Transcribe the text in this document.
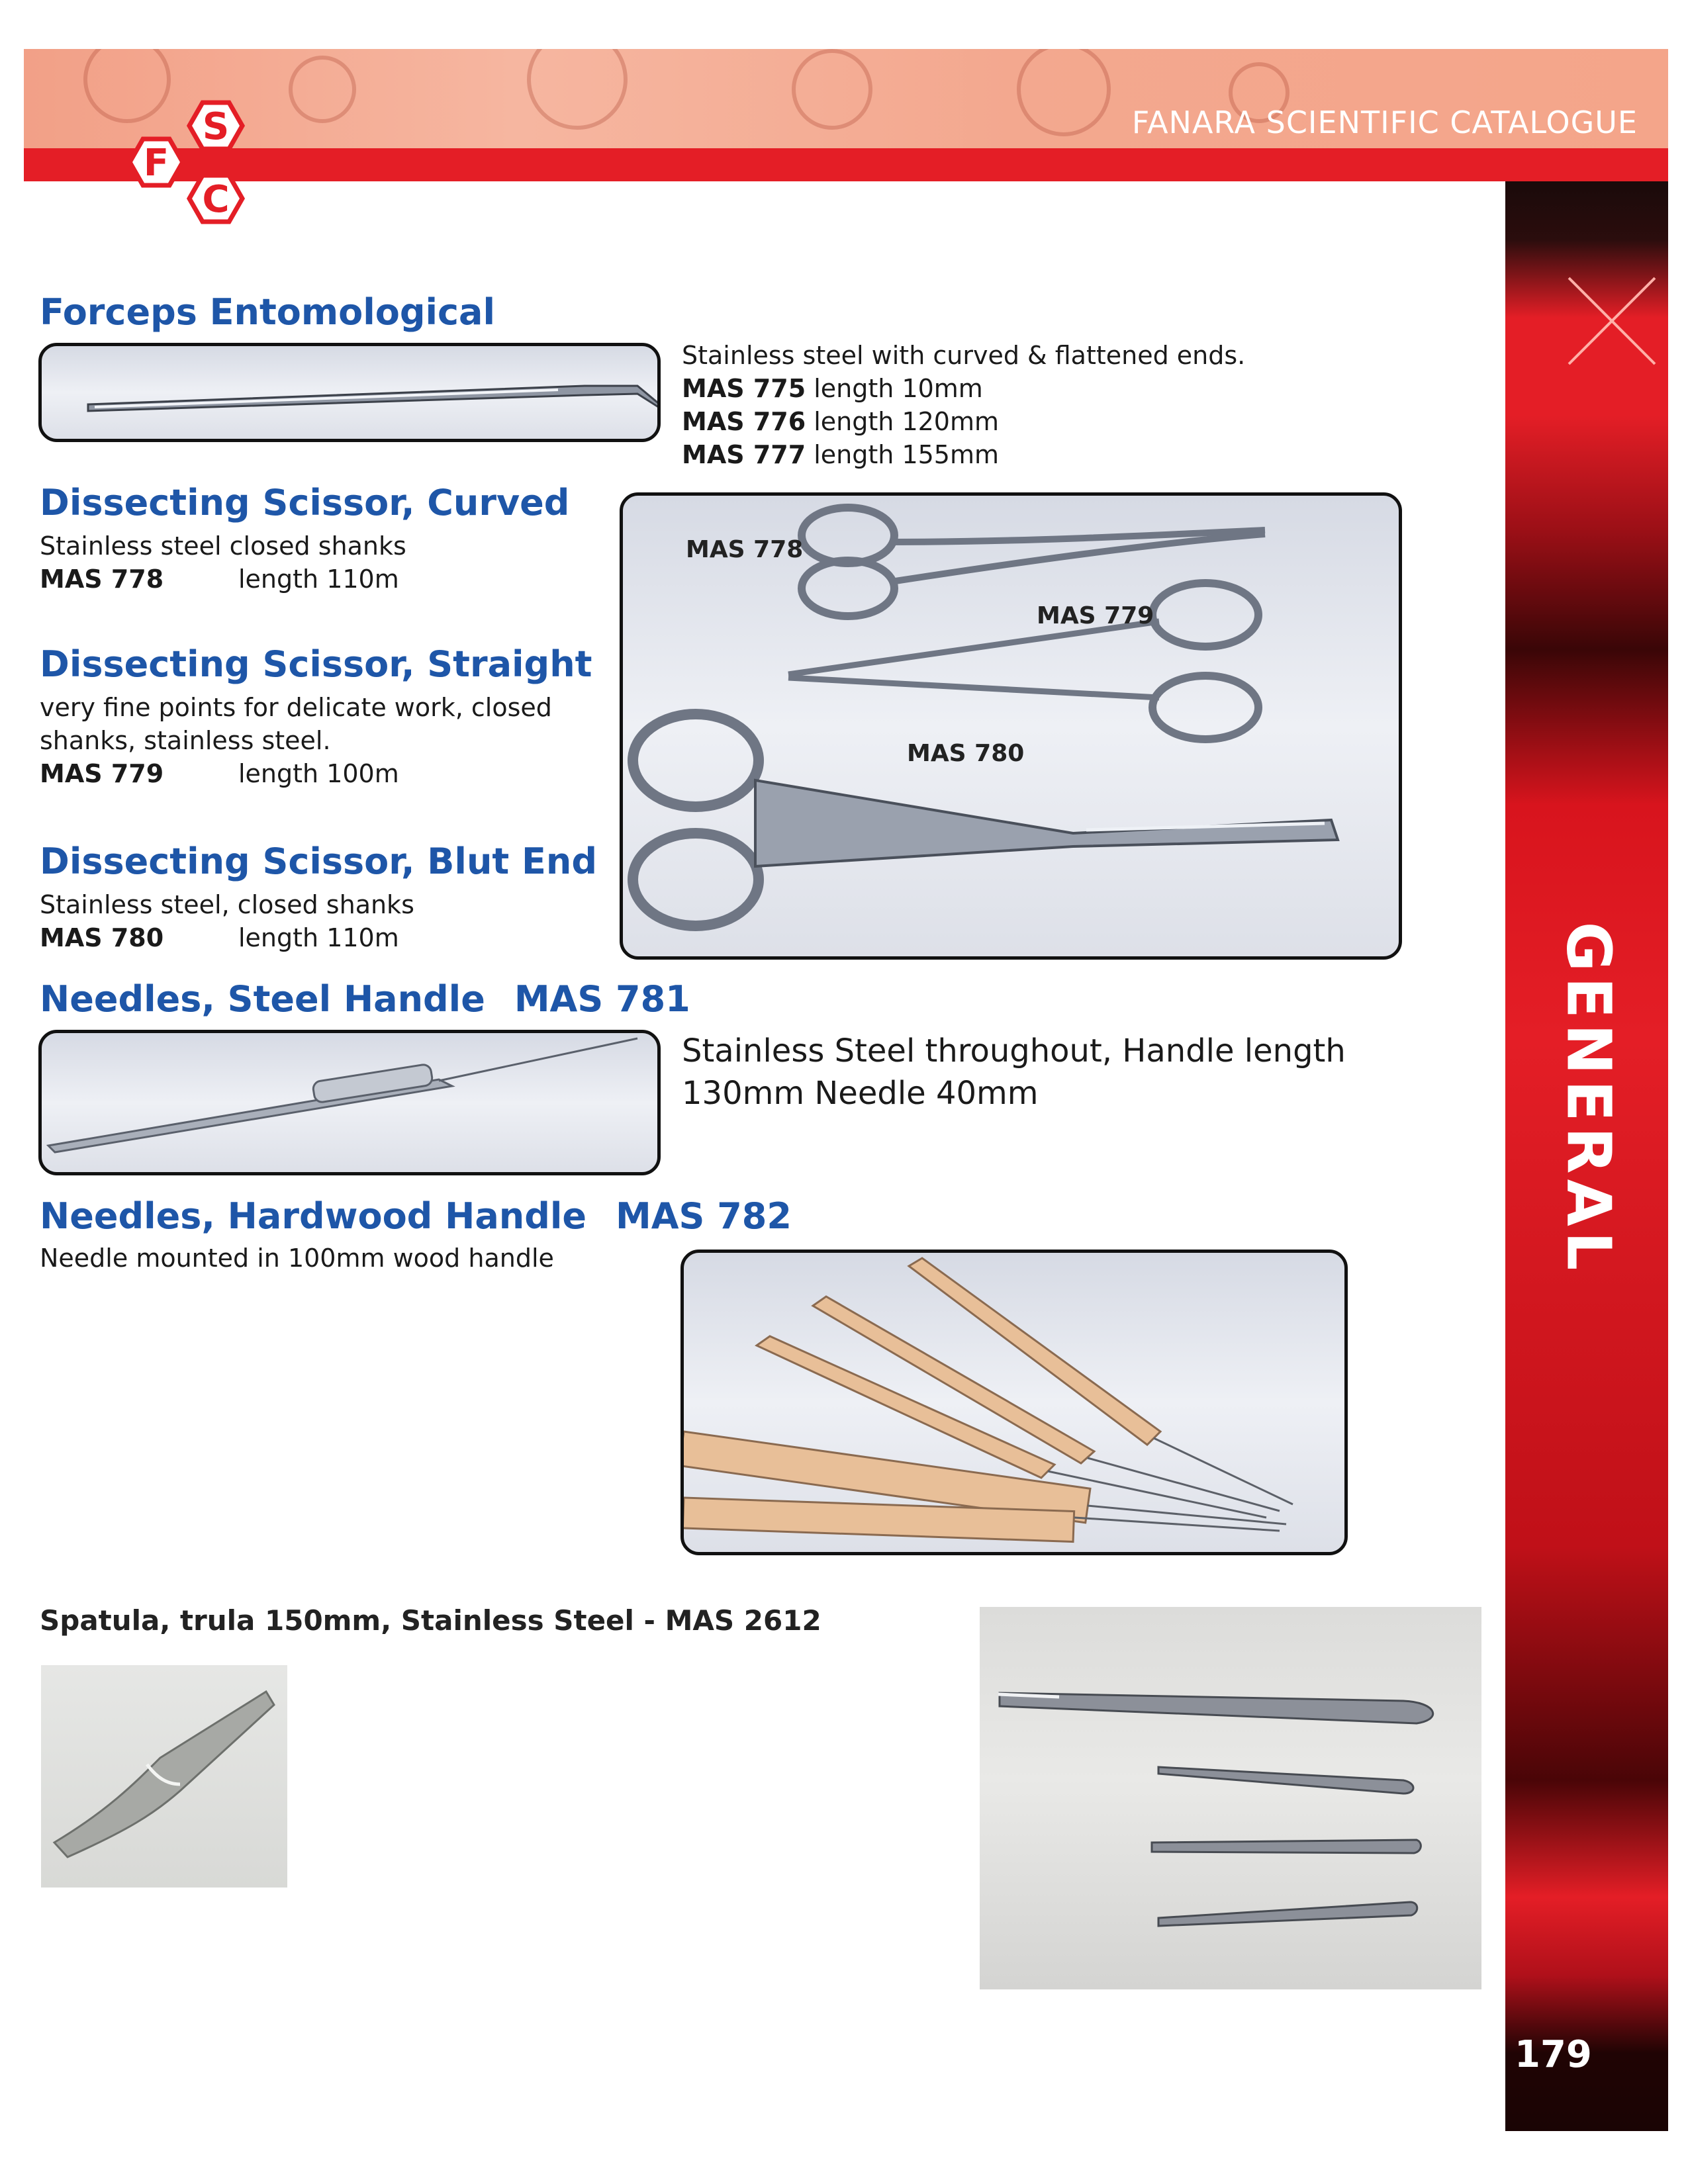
FANARA SCIENTIFIC CATALOGUE
F
S
C
GENERAL
179
Forceps Entomological
Stainless steel with curved & flattened ends.
MAS 775 length 10mm
MAS 776 length 120mm
MAS 777 length 155mm
Dissecting Scissor, Curved
Stainless steel closed shanks
MAS 778	length 110m
Dissecting Scissor, Straight
very fine points for delicate work, closed
shanks, stainless steel.
MAS 779	length 100m
Dissecting Scissor, Blut End
Stainless steel, closed shanks
MAS 780	length 110m
MAS 778
MAS 779
MAS 780
Needles, Steel Handle MAS 781
Stainless Steel throughout, Handle length
130mm Needle 40mm
Needles, Hardwood Handle MAS 782
Needle mounted in 100mm wood handle
Spatula, trula 150mm, Stainless Steel - MAS 2612
